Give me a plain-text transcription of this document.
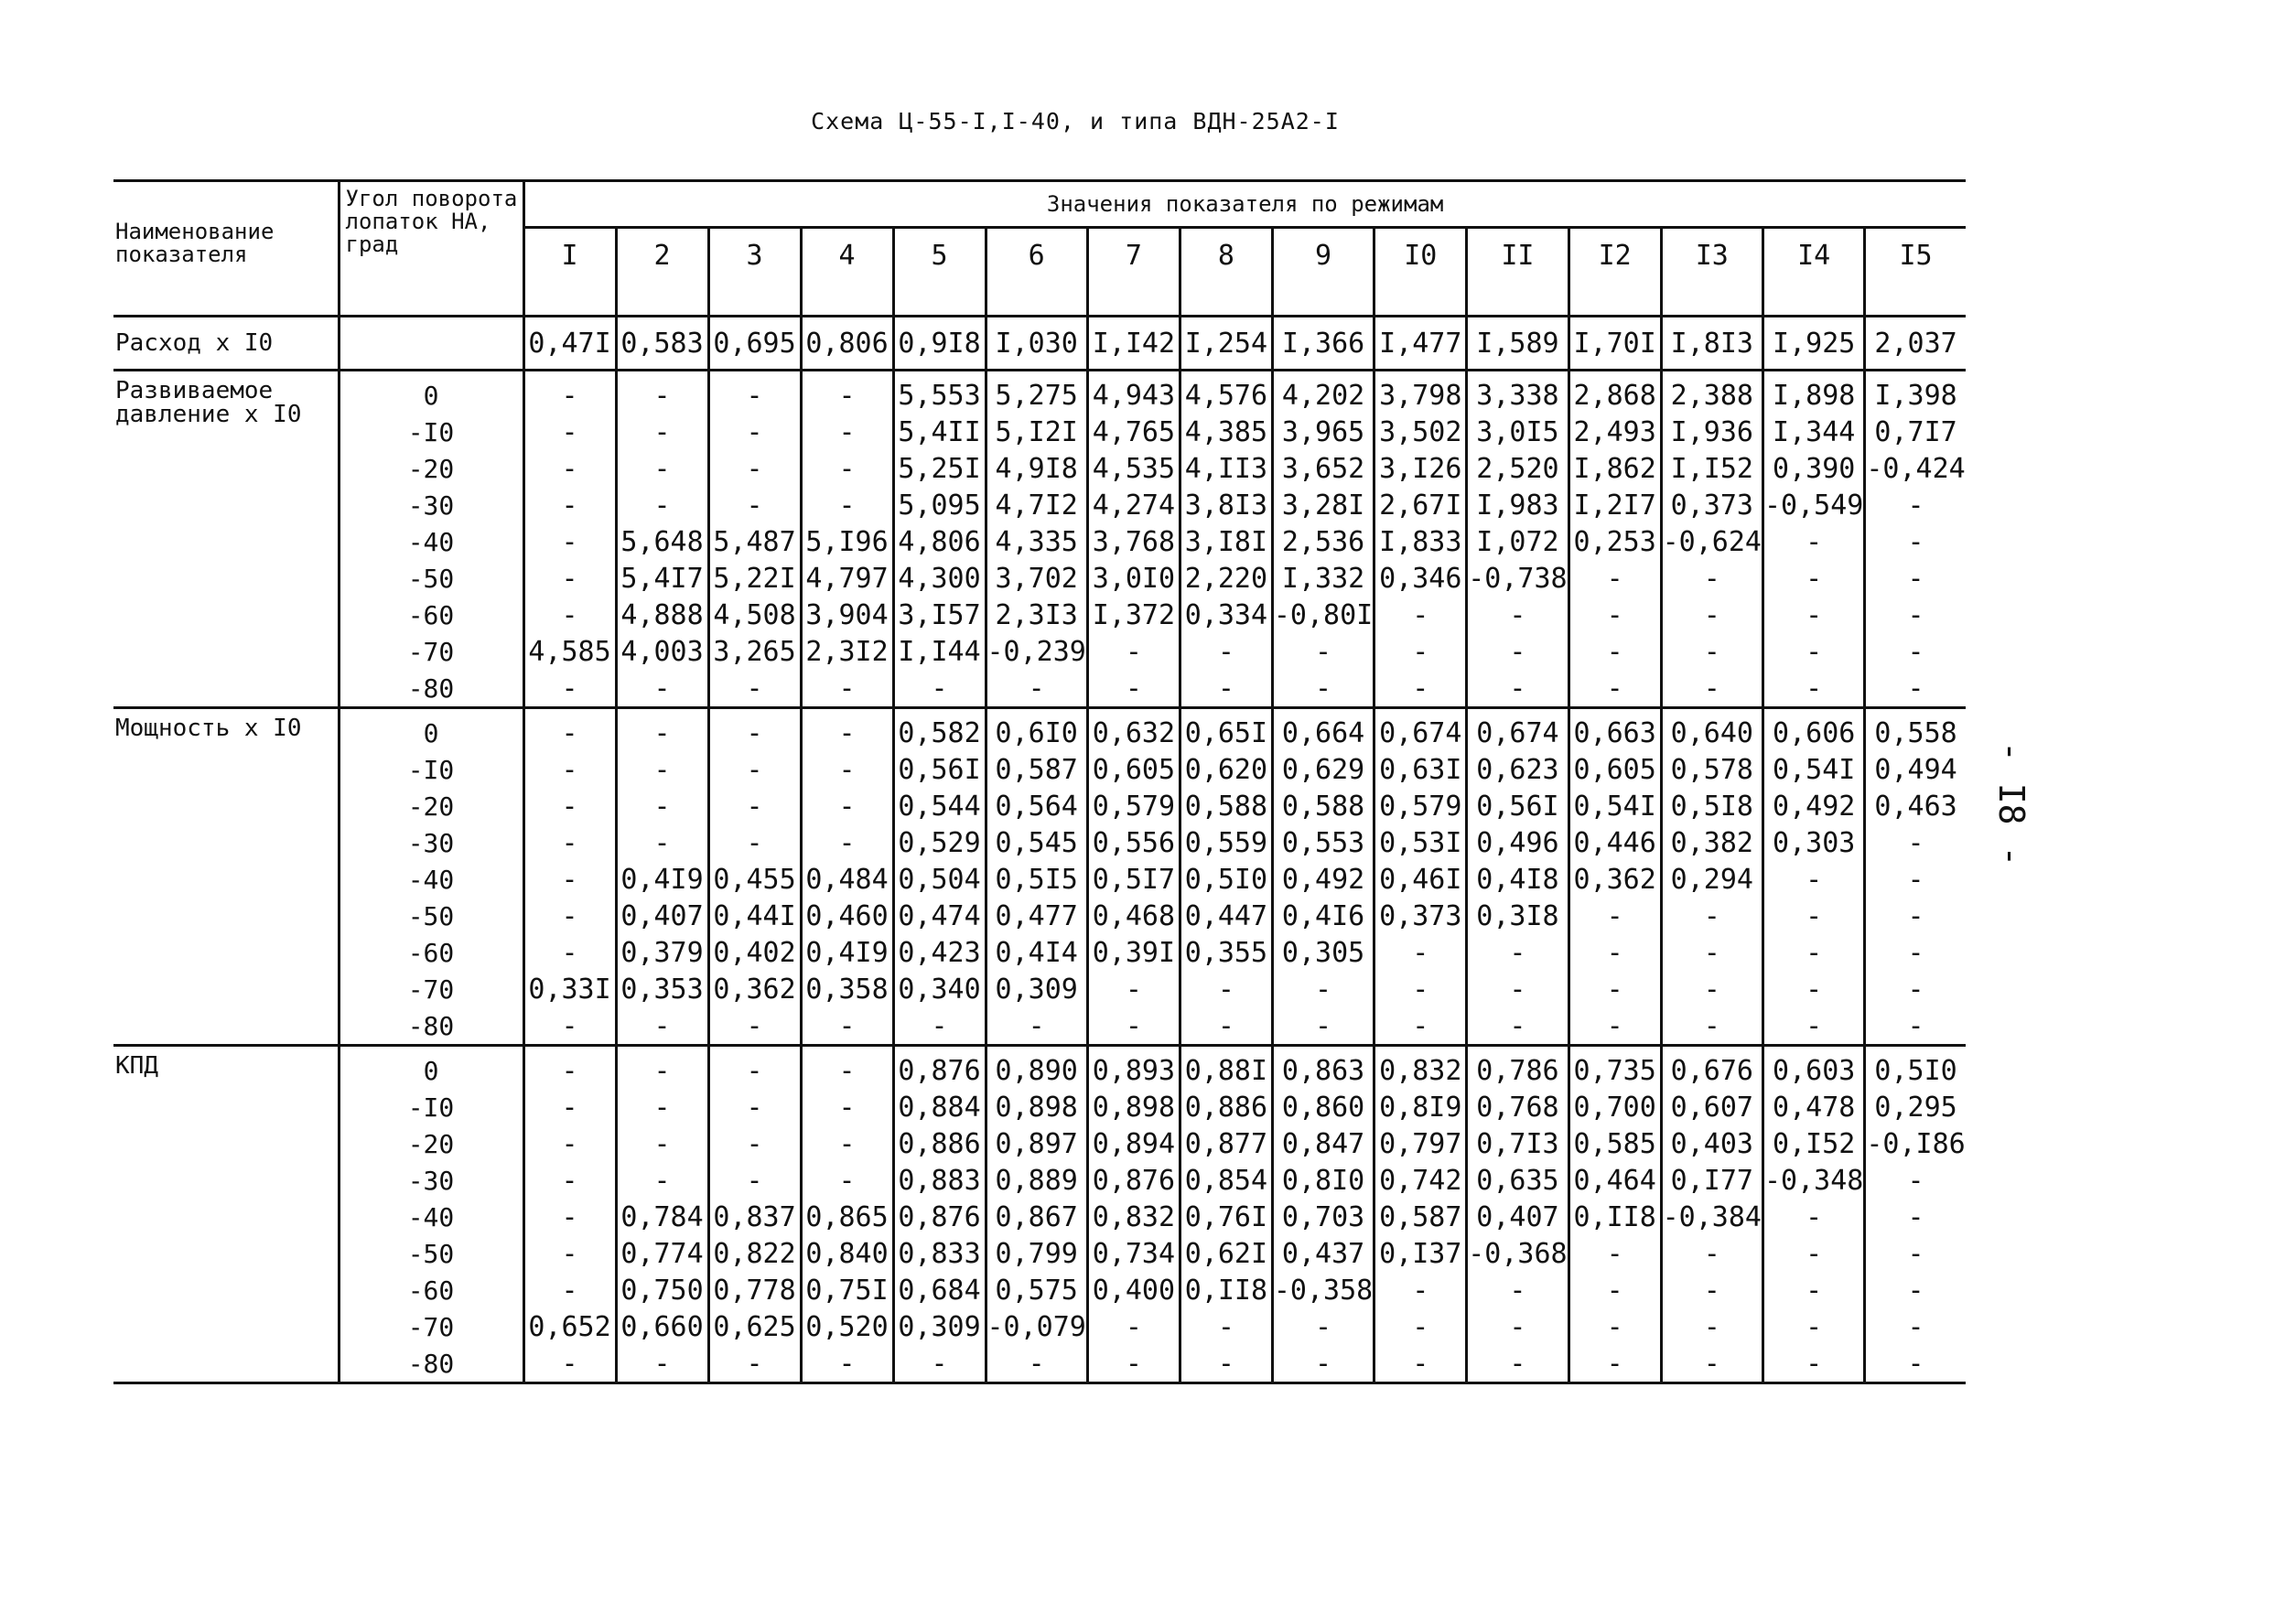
Схема Ц-55-I,I-40, и типа ВДН-25А2-I
- I8 -
Наименование показателя	Угол поворота лопаток НА, град	Значения показателя по режимам														
		I	2	3	4	5	6	7	8	9	I0	II	I2	I3	I4	I5
Расход х I0		0,47I	0,583	0,695	0,806	0,9I8	I,030	I,I42	I,254	I,366	I,477	I,589	I,70I	I,8I3	I,925	2,037
Развиваемое давление х I0	0	-	-	-	-	5,553	5,275	4,943	4,576	4,202	3,798	3,338	2,868	2,388	I,898	I,398
	-I0	-	-	-	-	5,4II	5,I2I	4,765	4,385	3,965	3,502	3,0I5	2,493	I,936	I,344	0,7I7
	-20	-	-	-	-	5,25I	4,9I8	4,535	4,II3	3,652	3,I26	2,520	I,862	I,I52	0,390	-0,424
	-30	-	-	-	-	5,095	4,7I2	4,274	3,8I3	3,28I	2,67I	I,983	I,2I7	0,373	-0,549	-
	-40	-	5,648	5,487	5,I96	4,806	4,335	3,768	3,I8I	2,536	I,833	I,072	0,253	-0,624	-	-
	-50	-	5,4I7	5,22I	4,797	4,300	3,702	3,0I0	2,220	I,332	0,346	-0,738	-	-	-	-
	-60	-	4,888	4,508	3,904	3,I57	2,3I3	I,372	0,334	-0,80I	-	-	-	-	-	-
	-70	4,585	4,003	3,265	2,3I2	I,I44	-0,239	-	-	-	-	-	-	-	-	-
	-80	-	-	-	-	-	-	-	-	-	-	-	-	-	-	-
Мощность х I0	0	-	-	-	-	0,582	0,6I0	0,632	0,65I	0,664	0,674	0,674	0,663	0,640	0,606	0,558
	-I0	-	-	-	-	0,56I	0,587	0,605	0,620	0,629	0,63I	0,623	0,605	0,578	0,54I	0,494
	-20	-	-	-	-	0,544	0,564	0,579	0,588	0,588	0,579	0,56I	0,54I	0,5I8	0,492	0,463
	-30	-	-	-	-	0,529	0,545	0,556	0,559	0,553	0,53I	0,496	0,446	0,382	0,303	-
	-40	-	0,4I9	0,455	0,484	0,504	0,5I5	0,5I7	0,5I0	0,492	0,46I	0,4I8	0,362	0,294	-	-
	-50	-	0,407	0,44I	0,460	0,474	0,477	0,468	0,447	0,4I6	0,373	0,3I8	-	-	-	-
	-60	-	0,379	0,402	0,4I9	0,423	0,4I4	0,39I	0,355	0,305	-	-	-	-	-	-
	-70	0,33I	0,353	0,362	0,358	0,340	0,309	-	-	-	-	-	-	-	-	-
	-80	-	-	-	-	-	-	-	-	-	-	-	-	-	-	-
КПД	0	-	-	-	-	0,876	0,890	0,893	0,88I	0,863	0,832	0,786	0,735	0,676	0,603	0,5I0
	-I0	-	-	-	-	0,884	0,898	0,898	0,886	0,860	0,8I9	0,768	0,700	0,607	0,478	0,295
	-20	-	-	-	-	0,886	0,897	0,894	0,877	0,847	0,797	0,7I3	0,585	0,403	0,I52	-0,I86
	-30	-	-	-	-	0,883	0,889	0,876	0,854	0,8I0	0,742	0,635	0,464	0,I77	-0,348	-
	-40	-	0,784	0,837	0,865	0,876	0,867	0,832	0,76I	0,703	0,587	0,407	0,II8	-0,384	-	-
	-50	-	0,774	0,822	0,840	0,833	0,799	0,734	0,62I	0,437	0,I37	-0,368	-	-	-	-
	-60	-	0,750	0,778	0,75I	0,684	0,575	0,400	0,II8	-0,358	-	-	-	-	-	-
	-70	0,652	0,660	0,625	0,520	0,309	-0,079	-	-	-	-	-	-	-	-	-
	-80	-	-	-	-	-	-	-	-	-	-	-	-	-	-	-
